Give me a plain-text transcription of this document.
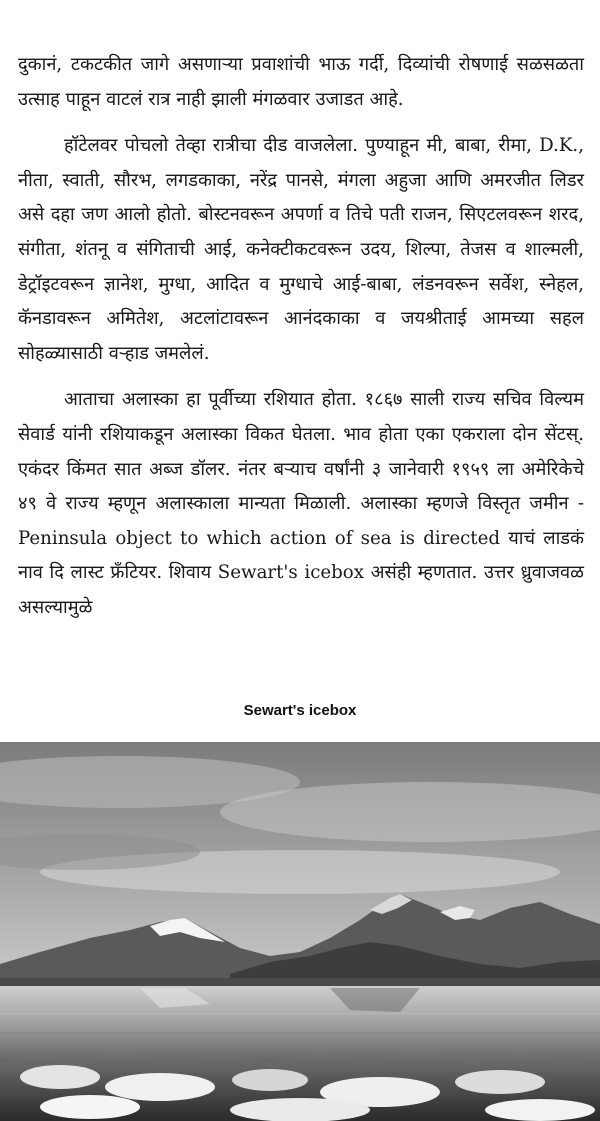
दुकानं, टकटकीत जागे असणाऱ्या प्रवाशांची भाऊ गर्दी, दिव्यांची रोषणाई सळसळता उत्साह पाहून वाटलं रात्र नाही झाली मंगळवार उजाडत आहे.

हॉटेलवर पोचलो तेव्हा रात्रीचा दीड वाजलेला. पुण्याहून मी, बाबा, रीमा, D.K., नीता, स्वाती, सौरभ, लगडकाका, नरेंद्र पानसे, मंगला अहुजा आणि अमरजीत लिडर असे दहा जण आलो होतो. बोस्टनवरून अपर्णा व तिचे पती राजन, सिएटलवरून शरद, संगीता, शंतनू व संगिताची आई, कनेक्टीकटवरून उदय, शिल्पा, तेजस व शाल्मली, डेट्रॉइटवरून ज्ञानेश, मुग्धा, आदित व मुग्धाचे आई-बाबा, लंडनवरून सर्वेश, स्नेहल, कॅनडावरून अमितेश, अटलांटावरून आनंदकाका व जयश्रीताई आमच्या सहल सोहळ्यासाठी वऱ्हाड जमलेलं.

आताचा अलास्का हा पूर्वीच्या रशियात होता. १८६७ साली राज्य सचिव विल्यम सेवार्ड यांनी रशियाकडून अलास्का विकत घेतला. भाव होता एका एकराला दोन सेंटस्. एकंदर किंमत सात अब्ज डॉलर. नंतर बऱ्याच वर्षांनी ३ जानेवारी १९५९ ला अमेरिकेचे ४९ वे राज्य म्हणून अलास्काला मान्यता मिळाली. अलास्का म्हणजे विस्तृत जमीन - Peninsula object to which action of sea is directed याचं लाडकं नाव दि लास्ट फ्रँटियर. शिवाय Sewart's icebox असंही म्हणतात. उत्तर ध्रुवाजवळ असल्यामुळे

Sewart's icebox
